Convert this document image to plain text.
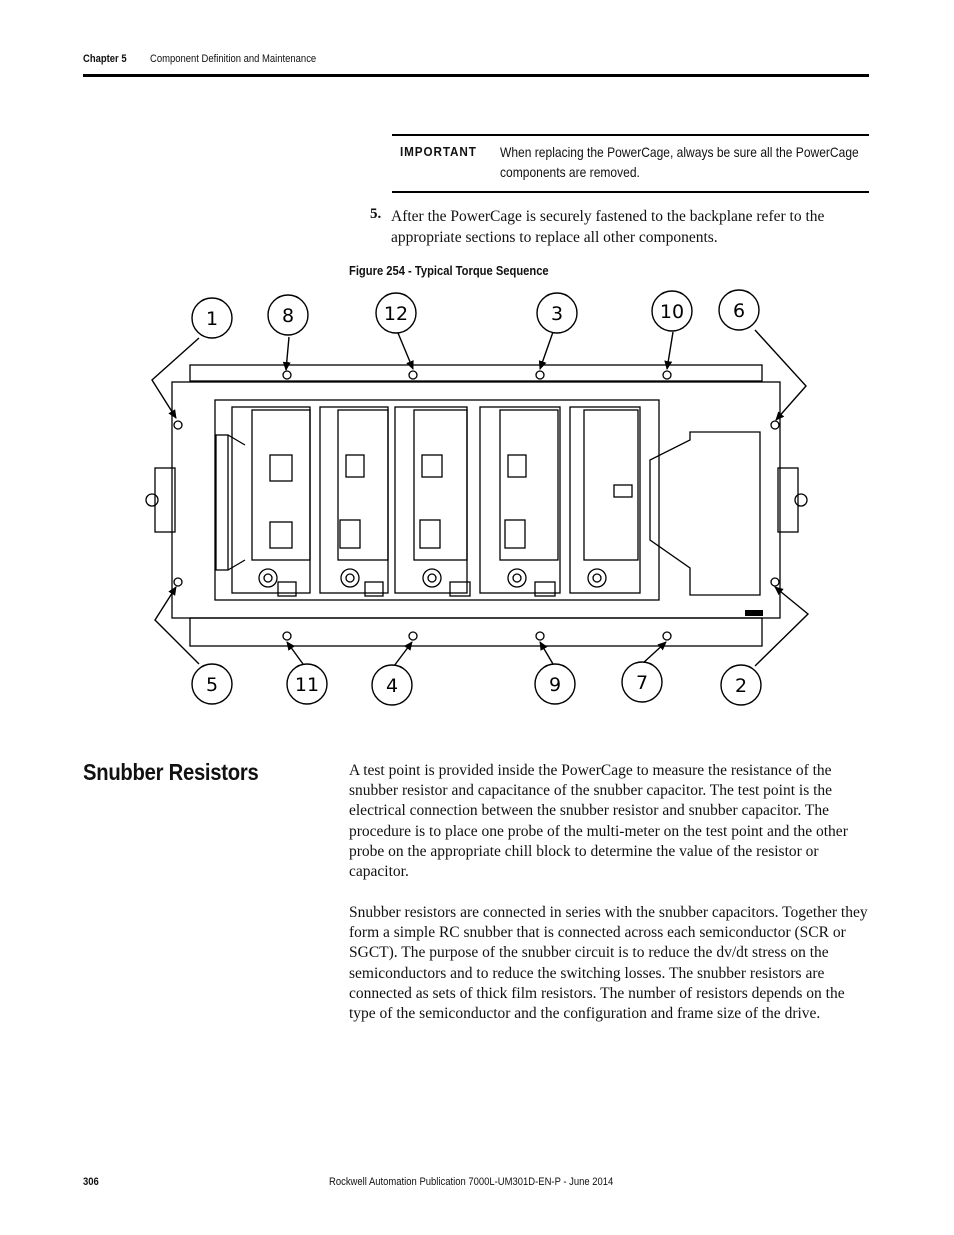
Chapter 5 Component Definition and Maintenance
IMPORTANT When replacing the PowerCage, always be sure all the PowerCage components are removed.
5. After the PowerCage is securely fastened to the backplane refer to the appropriate sections to replace all other components.
Figure 254 - Typical Torque Sequence
1	8	12	3	10	6
5	11	4	9	7	2
Snubber Resistors	A test point is provided inside the PowerCage to measure the resistance of the snubber resistor and capacitance of the snubber capacitor. The test point is the electrical connection between the snubber resistor and snubber capacitor. The procedure is to place one probe of the multi-meter on the test point and the other probe on the appropriate chill block to determine the value of the resistor or capacitor.
Snubber resistors are connected in series with the snubber capacitors. Together they form a simple RC snubber that is connected across each semiconductor (SCR or SGCT). The purpose of the snubber circuit is to reduce the dv/dt stress on the semiconductors and to reduce the switching losses. The snubber resistors are connected as sets of thick film resistors. The number of resistors depends on the type of the semiconductor and the configuration and frame size of the drive.
306	Rockwell Automation Publication 7000L-UM301D-EN-P - June 2014
